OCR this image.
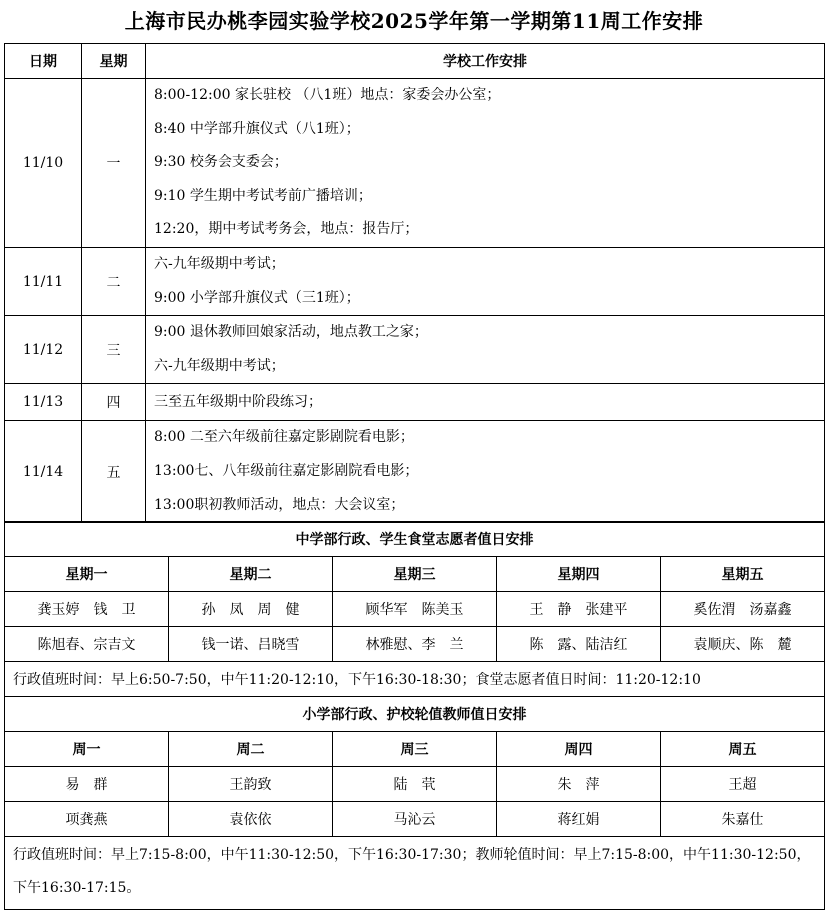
上海市民办桃李园实验学校2025学年第一学期第11周工作安排
日期	星期	学校工作安排
11/10	一	8:00-12:00 家长驻校 （八1班）地点：家委会办公室；
8:40 中学部升旗仪式（八1班）；
9:30 校务会支委会；
9:10 学生期中考试考前广播培训；
12:20，期中考试考务会，地点：报告厅；

11/11	二	六-九年级期中考试；
9:00 小学部升旗仪式（三1班）；

11/12	三	9:00 退休教师回娘家活动，地点教工之家；
六-九年级期中考试；

11/13	四	三至五年级期中阶段练习；

11/14	五	8:00 二至六年级前往嘉定影剧院看电影；
13:00七、八年级前往嘉定影剧院看电影；
13:00职初教师活动，地点：大会议室；
中学部行政、学生食堂志愿者值日安排				
星期一	星期二	星期三	星期四	星期五
龚玉婷　钱　卫	孙　凤　周　健	顾华军　陈美玉	王　静　张建平	奚佐渭　汤嘉鑫
陈旭春、宗吉文	钱一诺、吕晓雪	林雅慰、李　兰	陈　露、陆洁红	袁顺庆、陈　麓
行政值班时间：早上6:50-7:50，中午11:20-12:10，下午16:30-18:30；食堂志愿者值日时间：11:20-12:10				
小学部行政、护校轮值教师值日安排				
周一	周二	周三	周四	周五
易　群	王韵致	陆　茕	朱　萍	王超
项龚燕	袁依依	马沁云	蒋红娟	朱嘉仕
行政值班时间：早上7:15-8:00，中午11:30-12:50，下午16:30-17:30；教师轮值时间：早上7:15-8:00，中午11:30-12:50，下午16:30-17:15。				
